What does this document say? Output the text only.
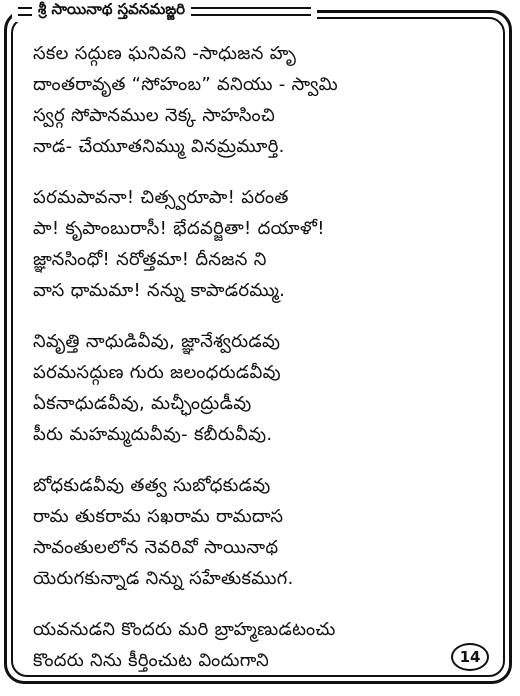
శ్రీ సాయినాథ స్తవనమఙ్జరి
సకల సద్గుణ ఘనివని -సాధుజన హృ
దాంతరావృత “సోహంబ” వనియు - స్వామి
స్వర్గ సోపానముల నెక్క సాహసించి
నాడ- చేయూతనిమ్ము వినమ్రమూర్తి.
పరమపావనా! చిత్స్వరూపా! పరంత
పా! కృపాంబురాసీ! భేదవర్జితా! దయాళో!
జ్ఞానసింధో! నరోత్తమా! దీనజన ని
వాస ధామమా! నన్ను కాపాడరమ్ము.
నివృత్తి నాధుడివీవు, జ్ఞానేశ్వరుడవు
పరమసద్గుణ గురు జలంధరుడవీవు
ఏకనాధుడవీవు, మచ్ఛీంద్రుడీవు
పీరు మహమ్మదువీవు- కబీరువీవు.
బోధకుడవీవు తత్వ సుబోధకుడవు
రామ తుకరామ సఖరామ రామదాస
సావంతులలోన నెవరివో సాయినాథ
యెరుగకున్నాడ నిన్ను సహేతుకముగ.
యవనుడని కొందరు మరి బ్రాహ్మణుడటంచు
కొందరు నిను కీర్తించుట విందుగాని	14
